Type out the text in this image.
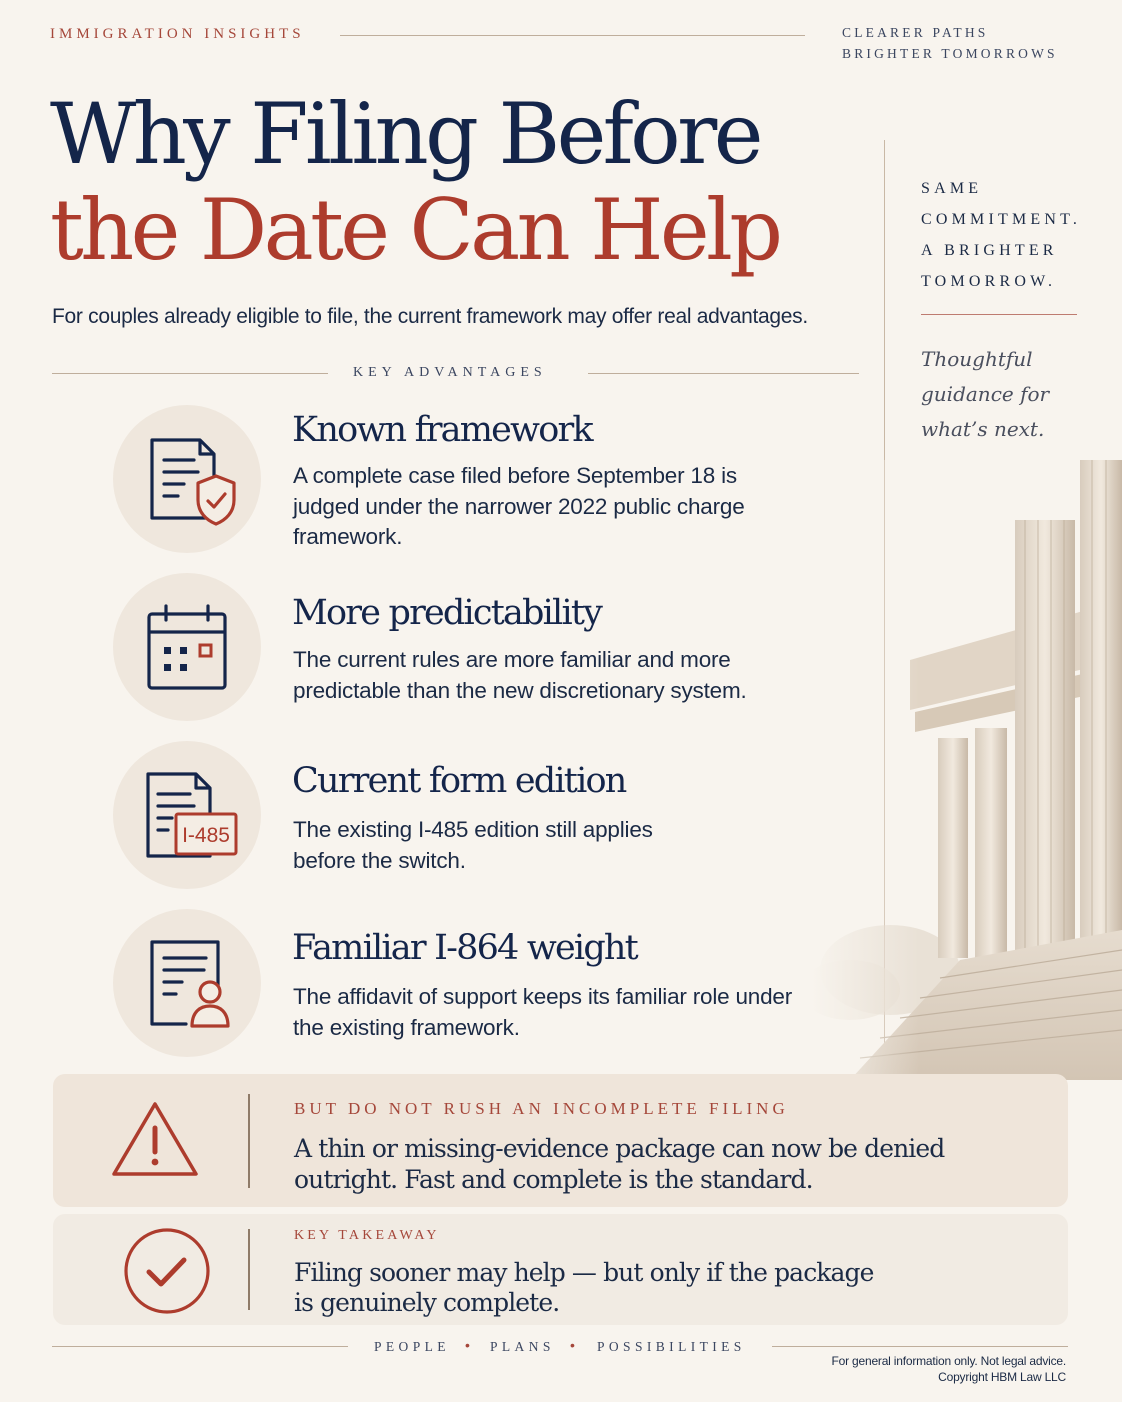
IMMIGRATION INSIGHTS	CLEARER PATHS
BRIGHTER TOMORROWS
Why Filing Before
the Date Can Help
For couples already eligible to file, the current framework may offer real advantages.
KEY ADVANTAGES
SAME
COMMITMENT.
A BRIGHTER
TOMORROW.
Thoughtful
guidance for
what’s next.
Known framework
A complete case filed before September 18 is judged under the narrower 2022 public charge framework.
More predictability
The current rules are more familiar and more predictable than the new discretionary system.
I-485
Current form edition
The existing I-485 edition still applies before the switch.
Familiar I-864 weight
The affidavit of support keeps its familiar role under the existing framework.
BUT DO NOT RUSH AN INCOMPLETE FILING
A thin or missing-evidence package can now be denied
outright. Fast and complete is the standard.
KEY TAKEAWAY
Filing sooner may help — but only if the package
is genuinely complete.
PEOPLE • PLANS • POSSIBILITIES
For general information only. Not legal advice.
Copyright HBM Law LLC
